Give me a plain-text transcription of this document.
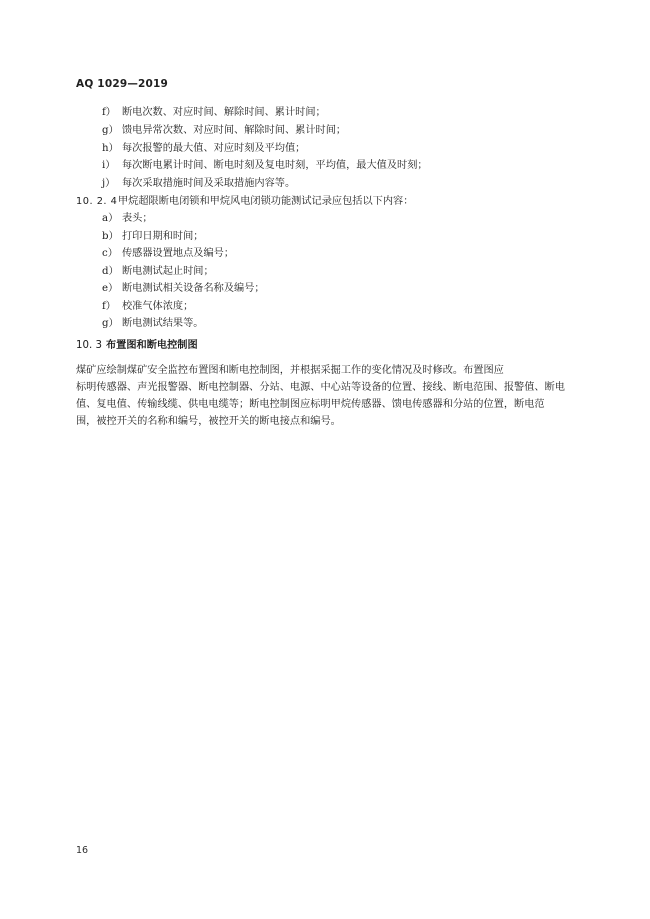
AQ 1029—2019
f） 断电次数、对应时间、解除时间、累计时间；
g） 馈电异常次数、对应时间、解除时间、累计时间；
h） 每次报警的最大值、对应时刻及平均值；
i） 每次断电累计时间、断电时刻及复电时刻，平均值，最大值及时刻；
j） 每次采取措施时间及采取措施内容等。
10. 2. 4甲烷超限断电闭锁和甲烷风电闭锁功能测试记录应包括以下内容：
a） 表头；
b） 打印日期和时间；
c） 传感器设置地点及编号；
d） 断电测试起止时间；
e） 断电测试相关设备名称及编号；
f） 校准气体浓度；
g） 断电测试结果等。
10. 3 布置图和断电控制图
煤矿应绘制煤矿安全监控布置图和断电控制图，并根据采掘工作的变化情况及时修改。布置图应
标明传感器、声光报警器、断电控制器、分站、电源、中心站等设备的位置、接线、断电范围、报警值、断电
值、复电值、传输线缆、供电电缆等；断电控制图应标明甲烷传感器、馈电传感器和分站的位置，断电范
围，被控开关的名称和编号，被控开关的断电接点和编号。
16
